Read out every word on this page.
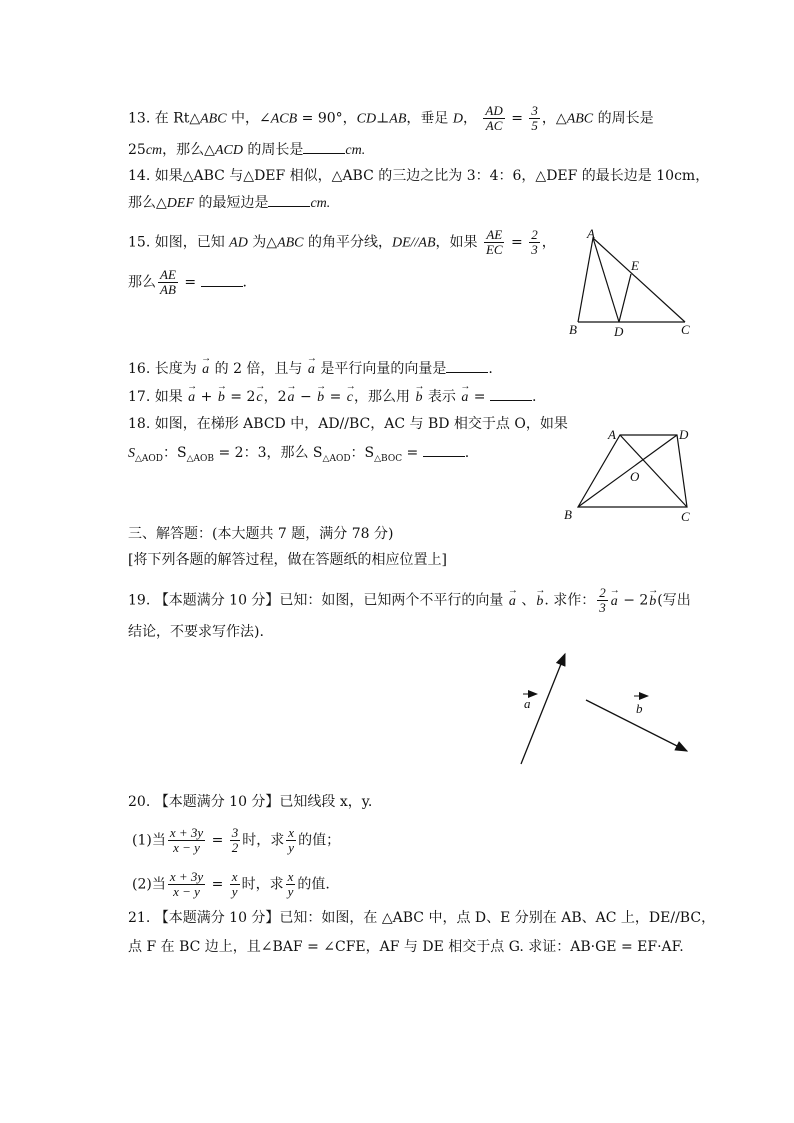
13. 在 Rt△ABC 中，∠ACB = 90°，CD⊥AB，垂足 D， $\frac{AD}{AC} = \frac{3}{5}$ ，△ABC 的周长是
25cm，那么△ACD 的周长是	cm.
14. 如果△ABC 与△DEF 相似，△ABC 的三边之比为 3：4：6，△DEF 的最长边是 10cm，
那么△DEF 的最短边是	cm.
15. 如图，已知 AD 为△ABC 的角平分线，DE//AB，如果 $\frac{AE}{EC} = \frac{2}{3}$ ，
那么 $\frac{AE}{AB}$ =	.
A
E
B	D	C
16. 长度为 → a 的 2 倍，且与 → a 是平行向量的向量是	.
17. 如果 → a + → b = 2→ c，2→ a − → b = → c，那么用 → b 表示 → a =	.
18. 如图，在梯形 ABCD 中，AD//BC，AC 与 BD 相交于点 O，如果
$S_{\triangle AOD}$：$S_{\triangle AOB} = 2$：3，那么 $S_{\triangle AOD}$：$S_{\triangle BOC}$ =	.
A	D
O
B	C
三、解答题：(本大题共 7 题，满分 78 分)
[将下列各题的解答过程，做在答题纸的相应位置上]
19. 【本题满分 10 分】已知：如图，已知两个不平行的向量 → a 、→ b. 求作： $\frac{2}{3}$
→ a − 2→ b(写出
结论，不要求写作法).
a	b
20. 【本题满分 10 分】已知线段 x，y.
(1)当 $\frac{x + 3y}{x - y} = \frac{3}{2}$ 时，求 $\frac{x}{y}$ 的值；
(2)当 $\frac{x + 3y}{x - y} = \frac{x}{y}$ 时，求 $\frac{x}{y}$ 的值.
21. 【本题满分 10 分】已知：如图，在 △ABC 中，点 D、E 分别在 AB、AC 上，DE//BC，
点 F 在 BC 边上，且∠BAF = ∠CFE，AF 与 DE 相交于点 G. 求证：AB·GE = EF·AF.
